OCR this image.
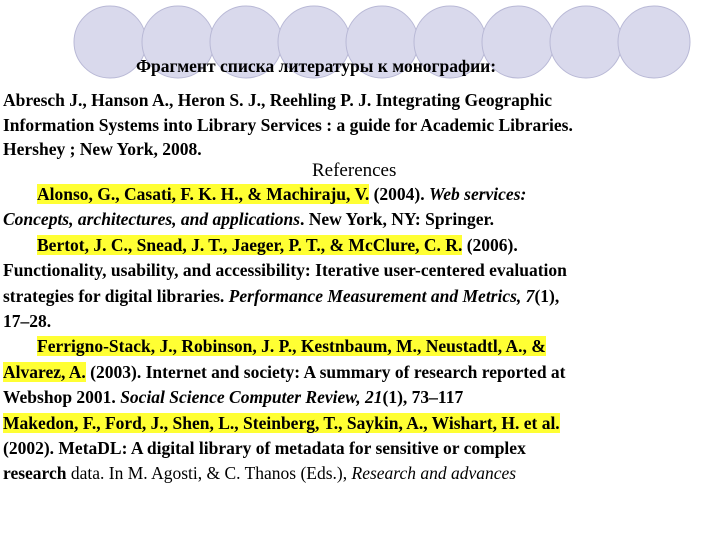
Фрагмент списка литературы к монографии:
Abresch J., Hanson A., Heron S. J., Reehling P. J. Integrating Geographic
Information Systems into Library Services : a guide for Academic Libraries.
Hershey ; New York, 2008.
References
Alonso, G., Casati, F. K. H., & Machiraju, V. (2004). Web services:
Concepts, architectures, and applications. New York, NY: Springer.
Bertot, J. C., Snead, J. T., Jaeger, P. T., & McClure, C. R. (2006).
Functionality, usability, and accessibility: Iterative user-centered evaluation
strategies for digital libraries. Performance Measurement and Metrics, 7(1),
17–28.
Ferrigno-Stack, J., Robinson, J. P., Kestnbaum, M., Neustadtl, A., &
Alvarez, A. (2003). Internet and society: A summary of research reported at
Webshop 2001. Social Science Computer Review, 21(1), 73–117
Makedon, F., Ford, J., Shen, L., Steinberg, T., Saykin, A., Wishart, H. et al.
(2002). MetaDL: A digital library of metadata for sensitive or complex
research data. In M. Agosti, & C. Thanos (Eds.), Research and advances
